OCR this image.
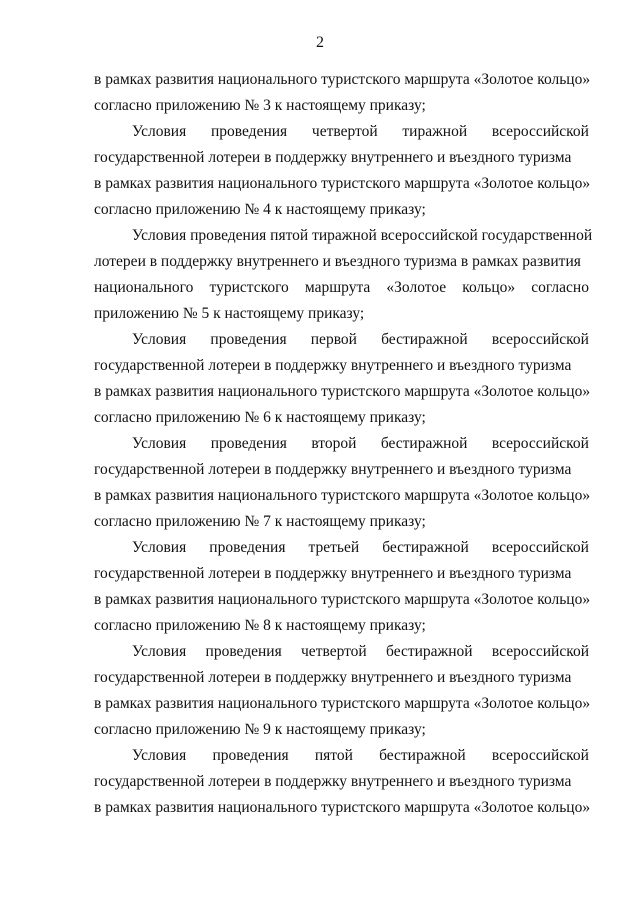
2
в рамках развития национального туристского маршрута «Золотое кольцо»
согласно приложению № 3 к настоящему приказу;
Условия проведения четвертой тиражной всероссийской
государственной лотереи в поддержку внутреннего и въездного туризма
в рамках развития национального туристского маршрута «Золотое кольцо»
согласно приложению № 4 к настоящему приказу;
Условия проведения пятой тиражной всероссийской государственной
лотереи в поддержку внутреннего и въездного туризма в рамках развития
национального туристского маршрута «Золотое кольцо» согласно
приложению № 5 к настоящему приказу;
Условия проведения первой бестиражной всероссийской
государственной лотереи в поддержку внутреннего и въездного туризма
в рамках развития национального туристского маршрута «Золотое кольцо»
согласно приложению № 6 к настоящему приказу;
Условия проведения второй бестиражной всероссийской
государственной лотереи в поддержку внутреннего и въездного туризма
в рамках развития национального туристского маршрута «Золотое кольцо»
согласно приложению № 7 к настоящему приказу;
Условия проведения третьей бестиражной всероссийской
государственной лотереи в поддержку внутреннего и въездного туризма
в рамках развития национального туристского маршрута «Золотое кольцо»
согласно приложению № 8 к настоящему приказу;
Условия проведения четвертой бестиражной всероссийской
государственной лотереи в поддержку внутреннего и въездного туризма
в рамках развития национального туристского маршрута «Золотое кольцо»
согласно приложению № 9 к настоящему приказу;
Условия проведения пятой бестиражной всероссийской
государственной лотереи в поддержку внутреннего и въездного туризма
в рамках развития национального туристского маршрута «Золотое кольцо»
